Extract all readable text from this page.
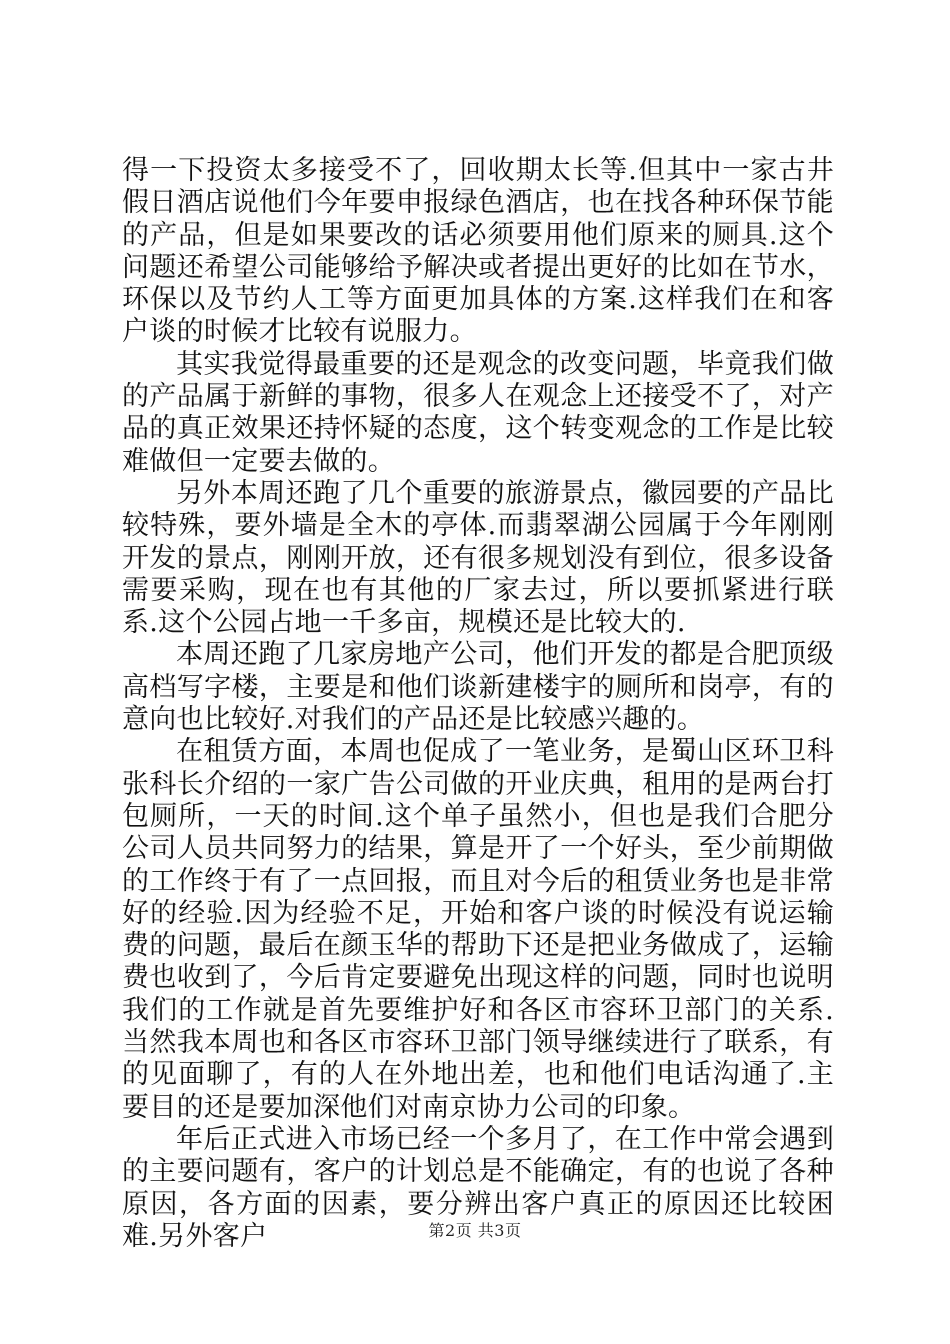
得一下投资太多接受不了，回收期太长等.但其中一家古井假日酒店说他们今年要申报绿色酒店，也在找各种环保节能的产品，但是如果要改的话必须要用他们原来的厕具.这个问题还希望公司能够给予解决或者提出更好的比如在节水，环保以及节约人工等方面更加具体的方案.这样我们在和客户谈的时候才比较有说服力。

其实我觉得最重要的还是观念的改变问题，毕竟我们做的产品属于新鲜的事物，很多人在观念上还接受不了，对产品的真正效果还持怀疑的态度，这个转变观念的工作是比较难做但一定要去做的。

另外本周还跑了几个重要的旅游景点，徽园要的产品比较特殊，要外墙是全木的亭体.而翡翠湖公园属于今年刚刚开发的景点，刚刚开放，还有很多规划没有到位，很多设备需要采购，现在也有其他的厂家去过，所以要抓紧进行联系.这个公园占地一千多亩，规模还是比较大的.

本周还跑了几家房地产公司，他们开发的都是合肥顶级高档写字楼，主要是和他们谈新建楼宇的厕所和岗亭，有的意向也比较好.对我们的产品还是比较感兴趣的。

在租赁方面，本周也促成了一笔业务，是蜀山区环卫科张科长介绍的一家广告公司做的开业庆典，租用的是两台打包厕所，一天的时间.这个单子虽然小，但也是我们合肥分公司人员共同努力的结果，算是开了一个好头，至少前期做的工作终于有了一点回报，而且对今后的租赁业务也是非常好的经验.因为经验不足，开始和客户谈的时候没有说运输费的问题，最后在颜玉华的帮助下还是把业务做成了，运输费也收到了，今后肯定要避免出现这样的问题，同时也说明我们的工作就是首先要维护好和各区市容环卫部门的关系.当然我本周也和各区市容环卫部门领导继续进行了联系，有的见面聊了，有的人在外地出差，也和他们电话沟通了.主要目的还是要加深他们对南京协力公司的印象。

年后正式进入市场已经一个多月了，在工作中常会遇到的主要问题有，客户的计划总是不能确定，有的也说了各种原因，各方面的因素，要分辨出客户真正的原因还比较困难.另外客户	第2页 共3页
